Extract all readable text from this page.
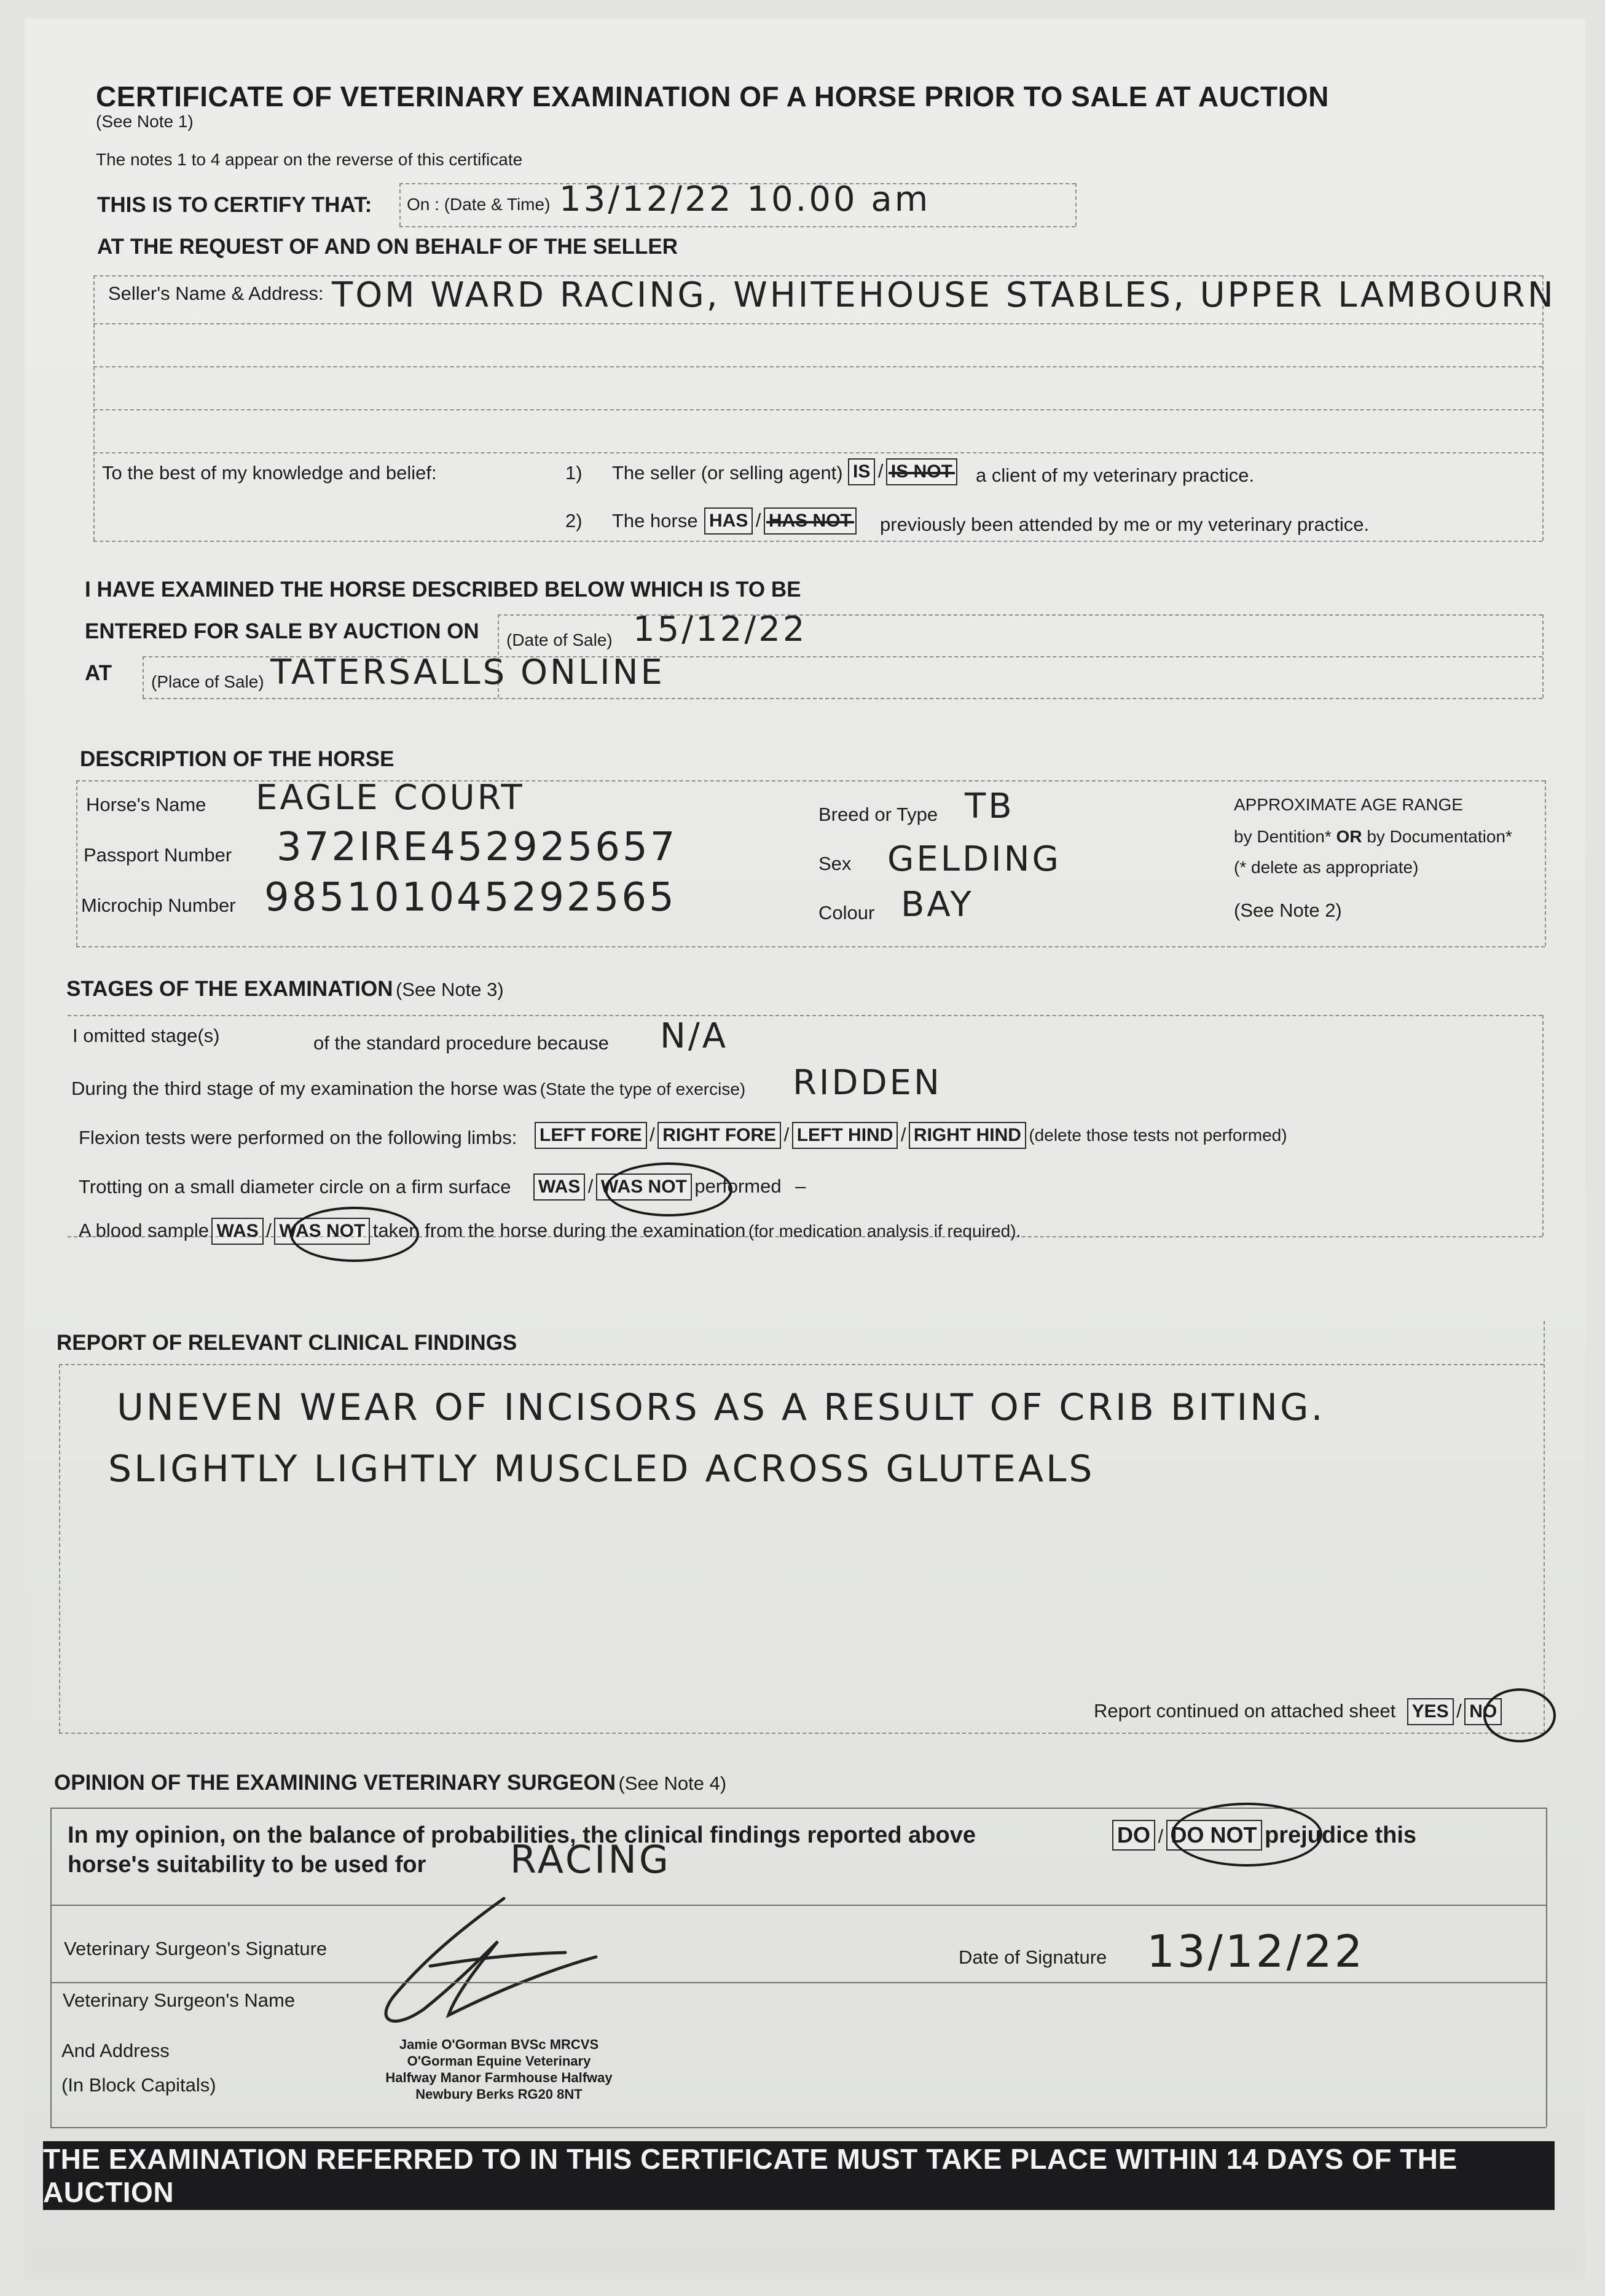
CERTIFICATE OF VETERINARY EXAMINATION OF A HORSE PRIOR TO SALE AT AUCTION
(See Note 1)
The notes 1 to 4 appear on the reverse of this certificate
THIS IS TO CERTIFY THAT: On : (Date & Time) 13/12/22 10.00 am
AT THE REQUEST OF AND ON BEHALF OF THE SELLER
Seller's Name & Address: TOM WARD RACING, WHITEHOUSE STABLES, UPPER LAMBOURN
To the best of my knowledge and belief:	1) The seller (or selling agent) IS / IS NOT a client of my veterinary practice.
2) The horse HAS / HAS NOT previously been attended by me or my veterinary practice.
I HAVE EXAMINED THE HORSE DESCRIBED BELOW WHICH IS TO BE
ENTERED FOR SALE BY AUCTION ON (Date of Sale) 15/12/22
AT (Place of Sale) TATERSALLS ONLINE
DESCRIPTION OF THE HORSE
Horse's Name EAGLE COURT
Passport Number 372IRE452925657
Microchip Number 985101045292565
Breed or Type TB
Sex GELDING
Colour BAY
APPROXIMATE AGE RANGE
by Dentition* OR by Documentation*
(* delete as appropriate)
(See Note 2)
STAGES OF THE EXAMINATION (See Note 3)
I omitted stage(s)	of the standard procedure because N/A
During the third stage of my examination the horse was (State the type of exercise) RIDDEN
Flexion tests were performed on the following limbs: LEFT FORE / RIGHT FORE / LEFT HIND / RIGHT HIND (delete those tests not performed)
Trotting on a small diameter circle on a firm surface WAS / WAS NOT performed –
A blood sample WAS / WAS NOT taken from the horse during the examination (for medication analysis if required).
REPORT OF RELEVANT CLINICAL FINDINGS
UNEVEN WEAR OF INCISORS AS A RESULT OF CRIB BITING.
SLIGHTLY LIGHTLY MUSCLED ACROSS GLUTEALS
Report continued on attached sheet YES / NO
OPINION OF THE EXAMINING VETERINARY SURGEON (See Note 4)
In my opinion, on the balance of probabilities, the clinical findings reported above	DO / DO NOT prejudice this
horse's suitability to be used for RACING
Veterinary Surgeon's Signature	Date of Signature 13/12/22
Veterinary Surgeon's Name
And Address
(In Block Capitals)
Jamie O'Gorman BVSc MRCVS
O'Gorman Equine Veterinary
Halfway Manor Farmhouse Halfway
Newbury Berks RG20 8NT
THE EXAMINATION REFERRED TO IN THIS CERTIFICATE MUST TAKE PLACE WITHIN 14 DAYS OF THE AUCTION
